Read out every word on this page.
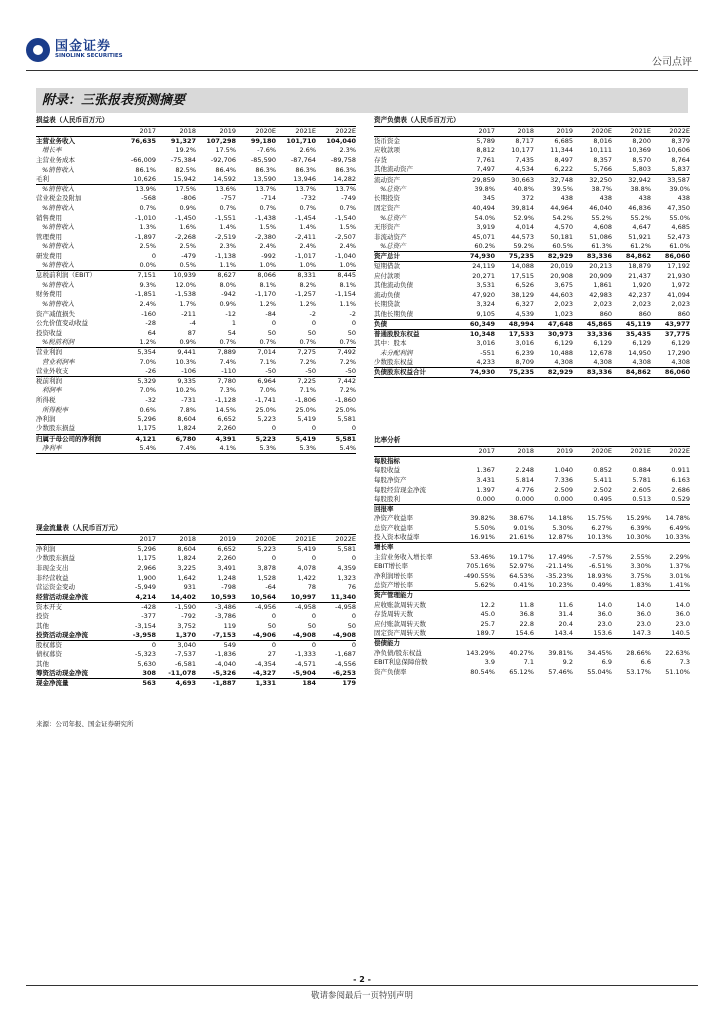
国金证券
SINOLINK SECURITIES
公司点评
附录：三张报表预测摘要
损益表（人民币百万元）
	2017	2018	2019	2020E	2021E	2022E
主营业务收入	76,635	91,327	107,298	99,180	101,710	104,040
增长率		19.2%	17.5%	-7.6%	2.6%	2.3%
主营业务成本	-66,009	-75,384	-92,706	-85,590	-87,764	-89,758
%销售收入	86.1%	82.5%	86.4%	86.3%	86.3%	86.3%
毛利	10,626	15,942	14,592	13,590	13,946	14,282
%销售收入	13.9%	17.5%	13.6%	13.7%	13.7%	13.7%
营业税金及附加	-568	-806	-757	-714	-732	-749
%销售收入	0.7%	0.9%	0.7%	0.7%	0.7%	0.7%
销售费用	-1,010	-1,450	-1,551	-1,438	-1,454	-1,540
%销售收入	1.3%	1.6%	1.4%	1.5%	1.4%	1.5%
管理费用	-1,897	-2,268	-2,519	-2,380	-2,411	-2,507
%销售收入	2.5%	2.5%	2.3%	2.4%	2.4%	2.4%
研发费用	0	-479	-1,138	-992	-1,017	-1,040
%销售收入	0.0%	0.5%	1.1%	1.0%	1.0%	1.0%
息税前利润（EBIT）	7,151	10,939	8,627	8,066	8,331	8,445
%销售收入	9.3%	12.0%	8.0%	8.1%	8.2%	8.1%
财务费用	-1,851	-1,538	-942	-1,170	-1,257	-1,154
%销售收入	2.4%	1.7%	0.9%	1.2%	1.2%	1.1%
资产减值损失	-160	-211	-12	-84	-2	-2
公允价值变动收益	-28	-4	1	0	0	0
投资收益	64	87	54	50	50	50
%税前利润	1.2%	0.9%	0.7%	0.7%	0.7%	0.7%
营业利润	5,354	9,441	7,889	7,014	7,275	7,492
营业利润率	7.0%	10.3%	7.4%	7.1%	7.2%	7.2%
营业外收支	-26	-106	-110	-50	-50	-50
税前利润	5,329	9,335	7,780	6,964	7,225	7,442
利润率	7.0%	10.2%	7.3%	7.0%	7.1%	7.2%
所得税	-32	-731	-1,128	-1,741	-1,806	-1,860
所得税率	0.6%	7.8%	14.5%	25.0%	25.0%	25.0%
净利润	5,296	8,604	6,652	5,223	5,419	5,581
少数股东损益	1,175	1,824	2,260	0	0	0
归属于母公司的净利润	4,121	6,780	4,391	5,223	5,419	5,581
净利率	5.4%	7.4%	4.1%	5.3%	5.3%	5.4%
现金流量表（人民币百万元）
	2017	2018	2019	2020E	2021E	2022E
净利润	5,296	8,604	6,652	5,223	5,419	5,581
少数股东损益	1,175	1,824	2,260	0	0	0
非现金支出	2,966	3,225	3,491	3,878	4,078	4,359
非经营收益	1,900	1,642	1,248	1,528	1,422	1,323
营运资金变动	-5,949	931	-798	-64	78	76
经营活动现金净流	4,214	14,402	10,593	10,564	10,997	11,340
资本开支	-428	-1,590	-3,486	-4,956	-4,958	-4,958
投资	-377	-792	-3,786	0	0	0
其他	-3,154	3,752	119	50	50	50
投资活动现金净流	-3,958	1,370	-7,153	-4,906	-4,908	-4,908
股权募资	0	3,040	549	0	0	0
债权募资	-5,323	-7,537	-1,836	27	-1,333	-1,687
其他	5,630	-6,581	-4,040	-4,354	-4,571	-4,556
筹资活动现金净流	308	-11,078	-5,326	-4,327	-5,904	-6,253
现金净流量	563	4,693	-1,887	1,331	184	179
资产负债表（人民币百万元）
	2017	2018	2019	2020E	2021E	2022E
货币资金	5,789	8,717	6,685	8,016	8,200	8,379
应收款项	8,812	10,177	11,344	10,111	10,369	10,606
存货	7,761	7,435	8,497	8,357	8,570	8,764
其他流动资产	7,497	4,534	6,222	5,766	5,803	5,837
流动资产	29,859	30,663	32,748	32,250	32,942	33,587
%总资产	39.8%	40.8%	39.5%	38.7%	38.8%	39.0%
长期投资	345	372	438	438	438	438
固定资产	40,494	39,814	44,964	46,040	46,836	47,350
%总资产	54.0%	52.9%	54.2%	55.2%	55.2%	55.0%
无形资产	3,919	4,014	4,570	4,608	4,647	4,685
非流动资产	45,071	44,573	50,181	51,086	51,921	52,473
%总资产	60.2%	59.2%	60.5%	61.3%	61.2%	61.0%
资产总计	74,930	75,235	82,929	83,336	84,862	86,060
短期借款	24,119	14,088	20,019	20,213	18,879	17,192
应付款项	20,271	17,515	20,908	20,909	21,437	21,930
其他流动负债	3,531	6,526	3,675	1,861	1,920	1,972
流动负债	47,920	38,129	44,603	42,983	42,237	41,094
长期贷款	3,324	6,327	2,023	2,023	2,023	2,023
其他长期负债	9,105	4,539	1,023	860	860	860
负债	60,349	48,994	47,648	45,865	45,119	43,977
普通股股东权益	10,348	17,533	30,973	33,336	35,435	37,775
其中：股本	3,016	3,016	6,129	6,129	6,129	6,129
未分配利润	-551	6,239	10,488	12,678	14,950	17,290
少数股东权益	4,233	8,709	4,308	4,308	4,308	4,308
负债股东权益合计	74,930	75,235	82,929	83,336	84,862	86,060
比率分析
	2017	2018	2019	2020E	2021E	2022E
每股指标						
每股收益	1.367	2.248	1.040	0.852	0.884	0.911
每股净资产	3.431	5.814	7.336	5.411	5.781	6.163
每股经营现金净流	1.397	4.776	2.509	2.502	2.605	2.686
每股股利	0.000	0.000	0.000	0.495	0.513	0.529
回报率						
净资产收益率	39.82%	38.67%	14.18%	15.75%	15.29%	14.78%
总资产收益率	5.50%	9.01%	5.30%	6.27%	6.39%	6.49%
投入资本收益率	16.91%	21.61%	12.87%	10.13%	10.30%	10.33%
增长率						
主营业务收入增长率	53.46%	19.17%	17.49%	-7.57%	2.55%	2.29%
EBIT增长率	705.16%	52.97%	-21.14%	-6.51%	3.30%	1.37%
净利润增长率	-490.55%	64.53%	-35.23%	18.93%	3.75%	3.01%
总资产增长率	5.62%	0.41%	10.23%	0.49%	1.83%	1.41%
资产管理能力						
应收账款周转天数	12.2	11.8	11.6	14.0	14.0	14.0
存货周转天数	45.0	36.8	31.4	36.0	36.0	36.0
应付账款周转天数	25.7	22.8	20.4	23.0	23.0	23.0
固定资产周转天数	189.7	154.6	143.4	153.6	147.3	140.5
偿债能力						
净负债/股东权益	143.29%	40.27%	39.81%	34.45%	28.66%	22.63%
EBIT利息保障倍数	3.9	7.1	9.2	6.9	6.6	7.3
资产负债率	80.54%	65.12%	57.46%	55.04%	53.17%	51.10%
来源：公司年报、国金证券研究所
- 2 -
敬请参阅最后一页特别声明
